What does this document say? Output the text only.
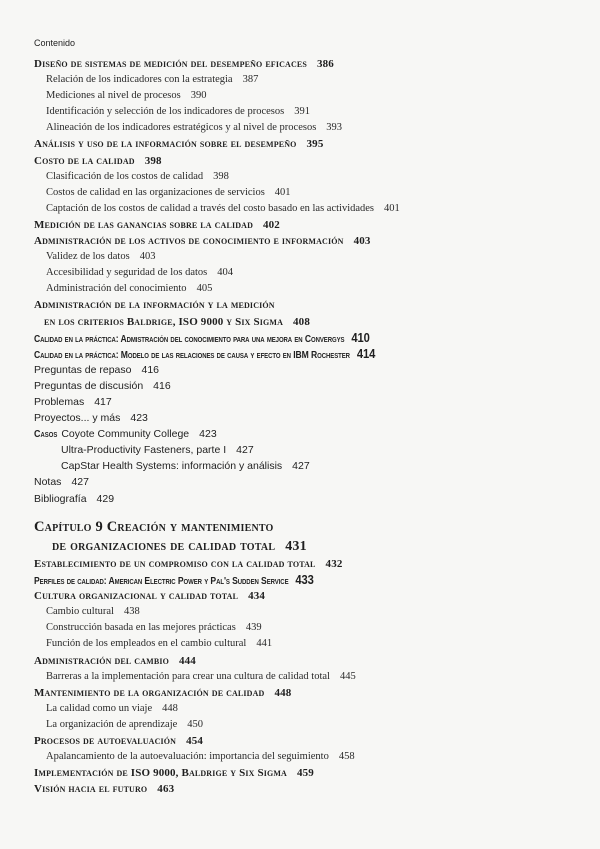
Contenido
Diseño de sistemas de medición del desempeño eficaces 386
Relación de los indicadores con la estrategia 387
Mediciones al nivel de procesos 390
Identificación y selección de los indicadores de procesos 391
Alineación de los indicadores estratégicos y al nivel de procesos 393
Análisis y uso de la información sobre el desempeño 395
Costo de la calidad 398
Clasificación de los costos de calidad 398
Costos de calidad en las organizaciones de servicios 401
Captación de los costos de calidad a través del costo basado en las actividades 401
Medición de las ganancias sobre la calidad 402
Administración de los activos de conocimiento e información 403
Validez de los datos 403
Accesibilidad y seguridad de los datos 404
Administración del conocimiento 405
Administración de la información y la medición
en los criterios Baldrige, ISO 9000 y Six Sigma 408
Calidad en la práctica: Admistración del conocimiento para una mejora en Convergys 410
Calidad en la práctica: Modelo de las relaciones de causa y efecto en IBM Rochester 414
Preguntas de repaso 416
Preguntas de discusión 416
Problemas 417
Proyectos... y más 423
Casos Coyote Community College 423
Ultra-Productivity Fasteners, parte I 427
CapStar Health Systems: información y análisis 427
Notas 427
Bibliografía 429
Capítulo 9 Creación y mantenimiento
de organizaciones de calidad total 431
Establecimiento de un compromiso con la calidad total 432
Perfiles de calidad: American Electric Power y Pal's Sudden Service 433
Cultura organizacional y calidad total 434
Cambio cultural 438
Construcción basada en las mejores prácticas 439
Función de los empleados en el cambio cultural 441
Administración del cambio 444
Barreras a la implementación para crear una cultura de calidad total 445
Mantenimiento de la organización de calidad 448
La calidad como un viaje 448
La organización de aprendizaje 450
Procesos de autoevaluación 454
Apalancamiento de la autoevaluación: importancia del seguimiento 458
Implementación de ISO 9000, Baldrige y Six Sigma 459
Visión hacia el futuro 463
